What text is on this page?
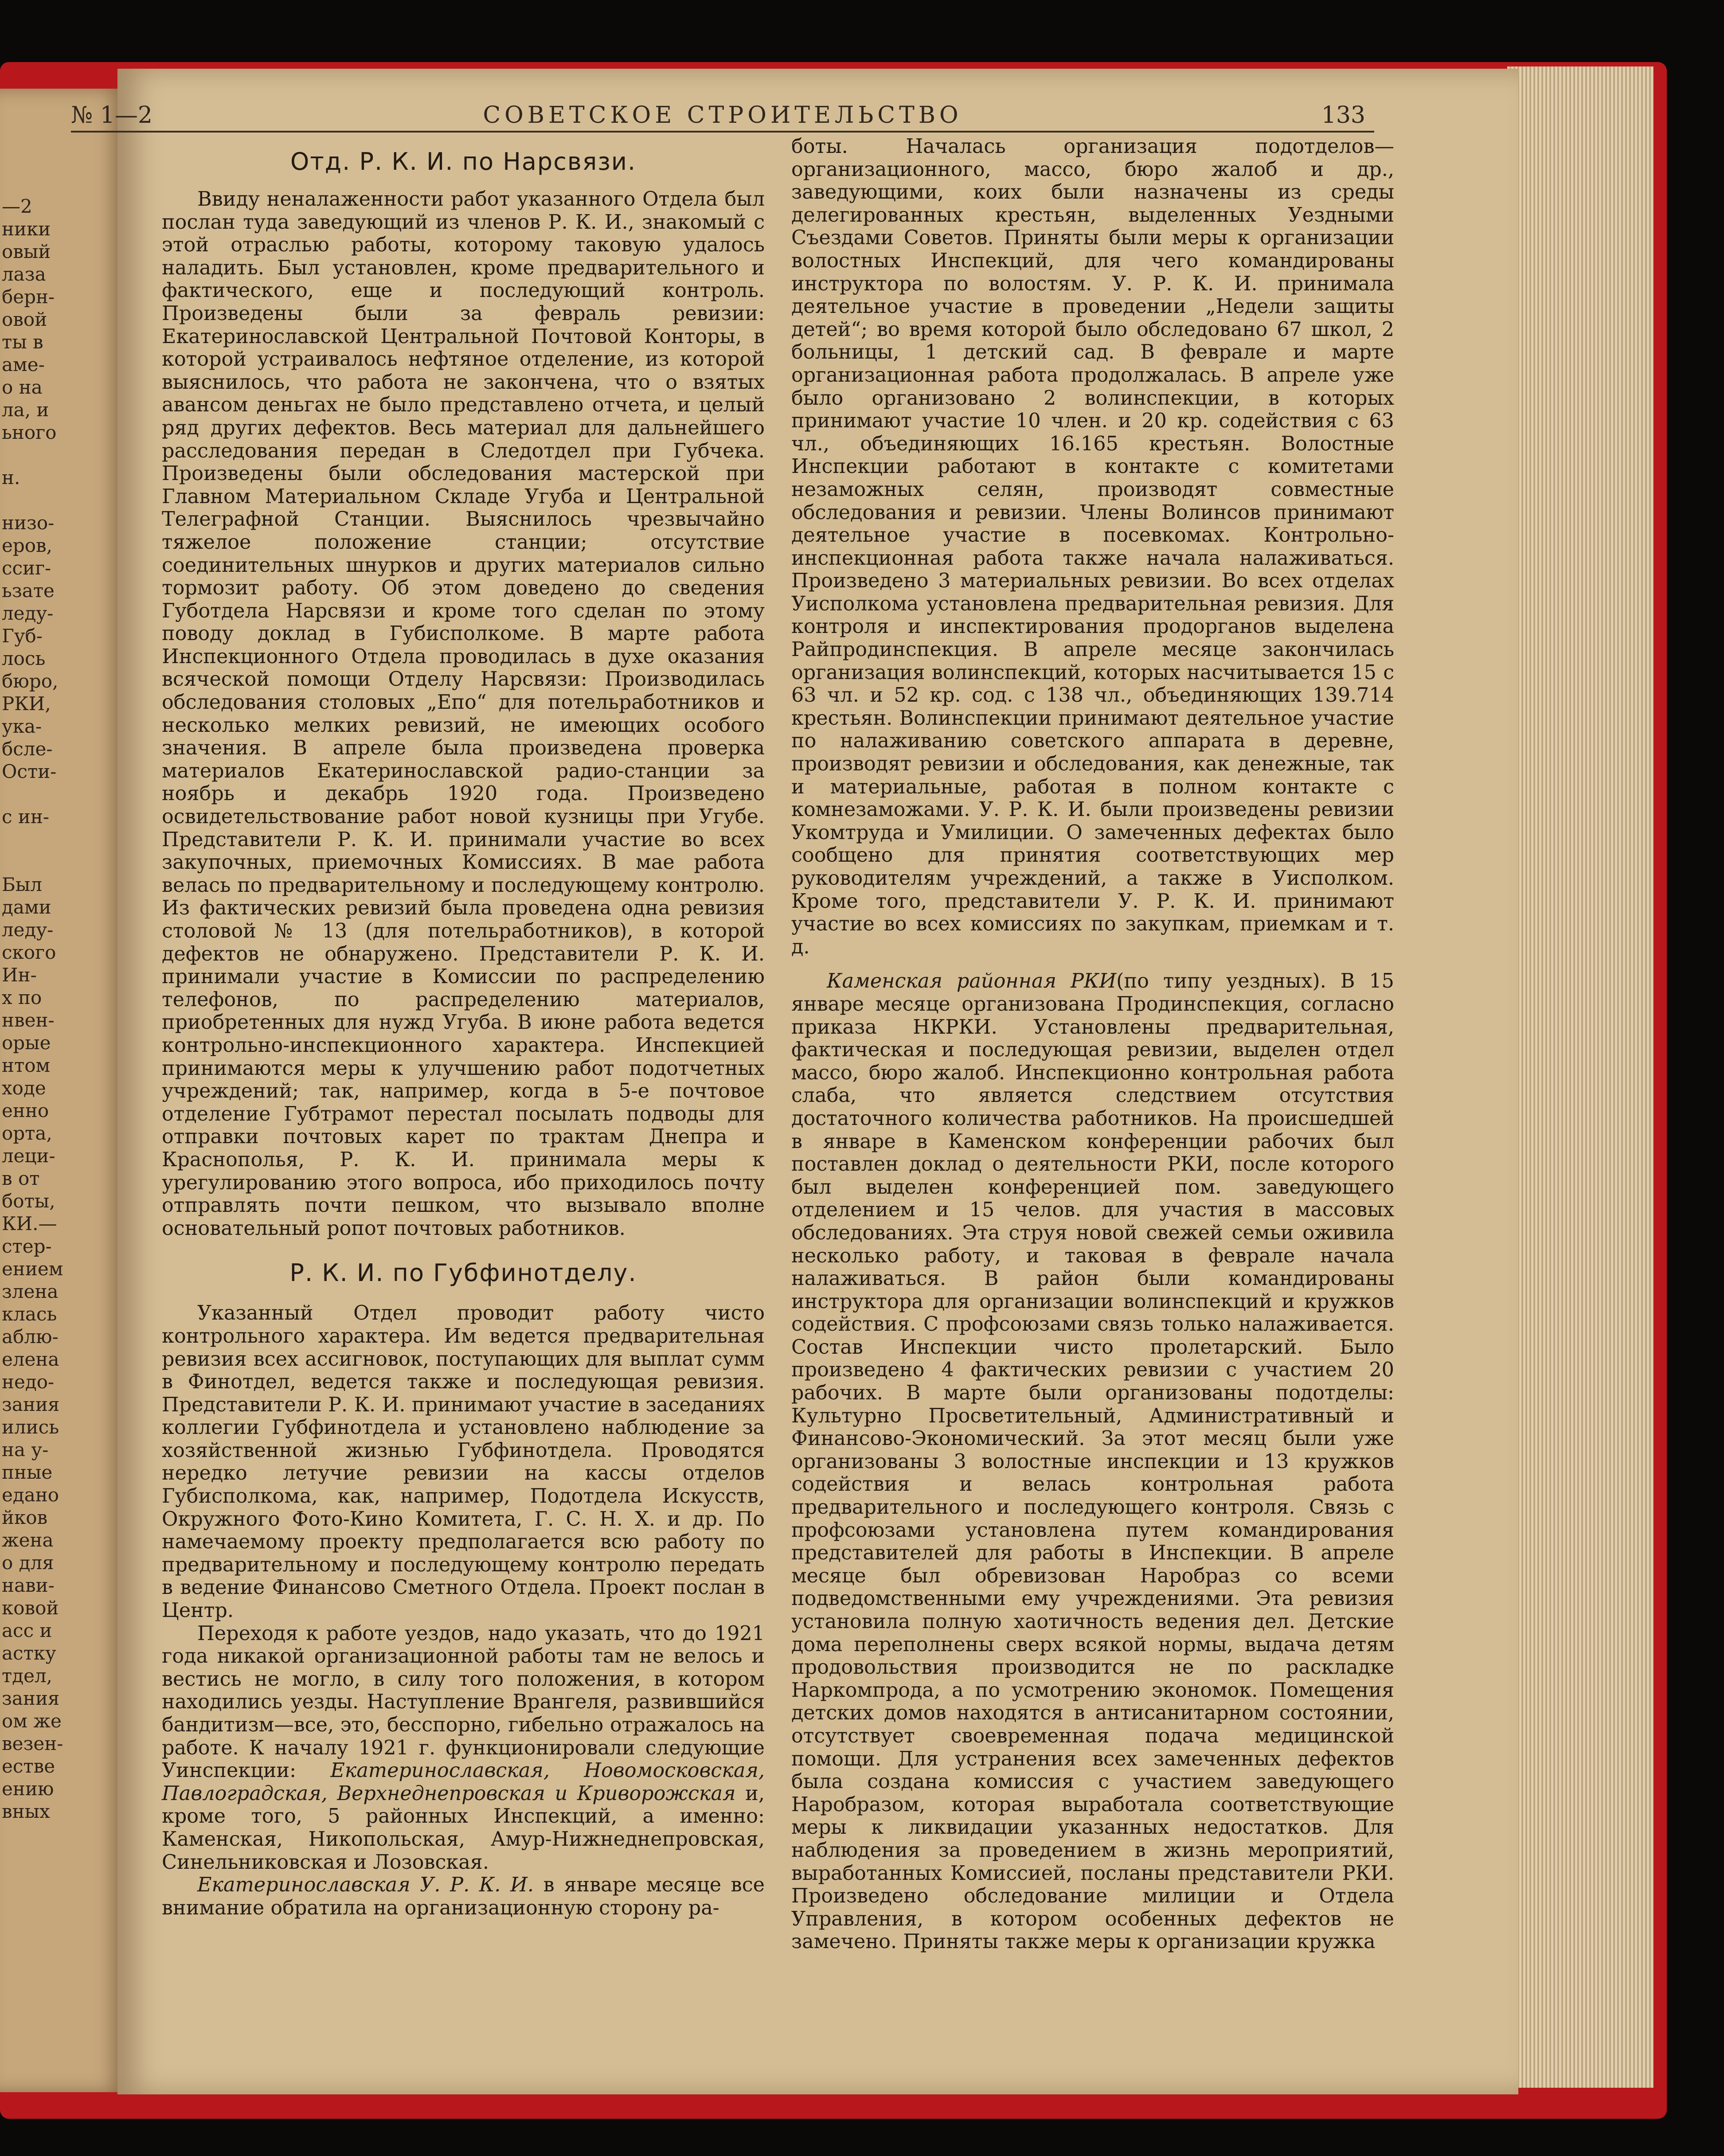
—2
ники
овый
лаза
берн-
овой
ты в
аме-
о на
ла, и
ьного
н.
низо-
еров,
ссиг-
ьзате
леду-
Губ-
лось
бюро,
РКИ,
ука-
бсле-
Ости-
с ин-
Был
дами
леду-
ского
Ин-
х по
нвен-
орые
нтом
ходе
енно
орта,
леци-
в от
боты,
КИ.—
стер-
ением
злена
клась
аблю-
елена
недо-
зания
ились
на у-
пные
едано
йков
жена
о для
нави-
ковой
асс и
астку
тдел,
зания
ом же
везен-
естве
ению
вных
№ 1—2	СОВЕТСКОЕ СТРОИТЕЛЬСТВО	133
Отд. Р. К. И. по Нарсвязи.

Ввиду неналаженности работ указанного Отдела был послан туда заведующий из членов Р. К. И., знакомый с этой отраслью работы, которому таковую удалось наладить. Был установлен, кроме предварительного и фактического, еще и последующий контроль. Произведены были за февраль ревизии: Екатеринославской Центральной Почтовой Конторы, в которой устраивалось нефтяное отделение, из которой выяснилось, что работа не закончена, что о взятых авансом деньгах не было представлено отчета, и целый ряд других дефектов. Весь материал для дальнейшего расследования передан в Следотдел при Губчека. Произведены были обследования мастерской при Главном Материальном Складе Угуба и Центральной Телеграфной Станции. Выяснилось чрезвычайно тяжелое положение станции; отсутствие соединительных шнурков и других материалов сильно тормозит работу. Об этом доведено до сведения Губотдела Нарсвязи и кроме того сделан по этому поводу доклад в Губисполкоме. В марте работа Инспекционного Отдела проводилась в духе оказания всяческой помощи Отделу Нарсвязи: Производилась обследования столовых „Епо“ для потельработников и несколько мелких ревизий, не имеющих особого значения. В апреле была произведена проверка материалов Екатеринославской радио-станции за ноябрь и декабрь 1920 года. Произведено освидетельствование работ новой кузницы при Угубе. Представители Р. К. И. принимали участие во всех закупочных, приемочных Комиссиях. В мае работа велась по предварительному и последующему контролю. Из фактических ревизий была проведена одна ревизия столовой № 13 (для потельработников), в которой дефектов не обнаружено. Представители Р. К. И. принимали участие в Комиссии по распределению телефонов, по распределению материалов, приобретенных для нужд Угуба. В июне работа ведется контрольно-инспекционного характера. Инспекцией принимаются меры к улучшению работ подотчетных учреждений; так, например, когда в 5-е почтовое отделение Губтрамот перестал посылать подводы для отправки почтовых карет по трактам Днепра и Краснополья, Р. К. И. принимала меры к урегулированию этого вопроса, ибо приходилось почту отправлять почти пешком, что вызывало вполне основательный ропот почтовых работников.

Р. К. И. по Губфинотделу.

Указанный Отдел проводит работу чисто контрольного характера. Им ведется предварительная ревизия всех ассигновок, поступающих для выплат сумм в Финотдел, ведется также и последующая ревизия. Представители Р. К. И. принимают участие в заседаниях коллегии Губфинотдела и установлено наблюдение за хозяйственной жизнью Губфинотдела. Проводятся нередко летучие ревизии на кассы отделов Губисполкома, как, например, Подотдела Искусств, Окружного Фото-Кино Комитета, Г. С. Н. Х. и др. По намечаемому проекту предполагается всю работу по предварительному и последующему контролю передать в ведение Финансово Сметного Отдела. Проект послан в Центр.

Переходя к работе уездов, надо указать, что до 1921 года никакой организационной работы там не велось и вестись не могло, в силу того положения, в котором находились уезды. Наступление Врангеля, развившийся бандитизм—все, это, бесспорно, гибельно отражалось на работе. К началу 1921 г. функционировали следующие Уинспекции: Екатеринославская, Новомосковская, Павлоградская, Верхнеднепровская и Криворожская и, кроме того, 5 районных Инспекций, а именно: Каменская, Никопольская, Амур-Нижнеднепровская, Синельниковская и Лозовская.

Екатеринославская У. Р. К. И. в январе месяце все внимание обратила на организационную сторону ра-

боты. Началась организация подотделов—организационного, массо, бюро жалоб и др., заведующими, коих были назначены из среды делегированных крестьян, выделенных Уездными Съездами Советов. Приняты были меры к организации волостных Инспекций, для чего командированы инструктора по волостям. У. Р. К. И. принимала деятельное участие в проведении „Недели защиты детей“; во время которой было обследовано 67 школ, 2 больницы, 1 детский сад. В феврале и марте организационная работа продолжалась. В апреле уже было организовано 2 волинспекции, в которых принимают участие 10 член. и 20 кр. содействия с 63 чл., объединяющих 16.165 крестьян. Волостные Инспекции работают в контакте с комитетами незаможных селян, производят совместные обследования и ревизии. Члены Волинсов принимают деятельное участие в посевкомах. Контрольно-инспекционная работа также начала налаживаться. Произведено 3 материальных ревизии. Во всех отделах Уисполкома установлена предварительная ревизия. Для контроля и инспектирования продорганов выделена Райпродинспекция. В апреле месяце закончилась организация волинспекций, которых насчитывается 15 с 63 чл. и 52 кр. сод. с 138 чл., объединяющих 139.714 крестьян. Волинспекции принимают деятельное участие по налаживанию советского аппарата в деревне, производят ревизии и обследования, как денежные, так и материальные, работая в полном контакте с комнезаможами. У. Р. К. И. были произведены ревизии Укомтруда и Умилиции. О замеченных дефектах было сообщено для принятия соответствующих мер руководителям учреждений, а также в Уисполком. Кроме того, представители У. Р. К. И. принимают участие во всех комиссиях по закупкам, приемкам и т. д.

Каменская районная РКИ(по типу уездных). В 15 январе месяце организована Продинспекция, согласно приказа НКРКИ. Установлены предварительная, фактическая и последующая ревизии, выделен отдел массо, бюро жалоб. Инспекционно контрольная работа слаба, что является следствием отсутствия достаточного количества работников. На происшедшей в январе в Каменском конференции рабочих был поставлен доклад о деятельности РКИ, после которого был выделен конференцией пом. заведующего отделением и 15 челов. для участия в массовых обследованиях. Эта струя новой свежей семьи оживила несколько работу, и таковая в феврале начала налаживаться. В район были командированы инструктора для организации волинспекций и кружков содействия. С профсоюзами связь только налаживается. Состав Инспекции чисто пролетарский. Было произведено 4 фактических ревизии с участием 20 рабочих. В марте были организованы подотделы: Культурно Просветительный, Административный и Финансово-Экономический. За этот месяц были уже организованы 3 волостные инспекции и 13 кружков содействия и велась контрольная работа предварительного и последующего контроля. Связь с профсоюзами установлена путем командирования представителей для работы в Инспекции. В апреле месяце был обревизован Наробраз со всеми подведомственными ему учреждениями. Эта ревизия установила полную хаотичность ведения дел. Детские дома переполнены сверх всякой нормы, выдача детям продовольствия производится не по раскладке Наркомпрода, а по усмотрению экономок. Помещения детских домов находятся в антисанитарном состоянии, отсутствует своевременная подача медицинской помощи. Для устранения всех замеченных дефектов была создана комиссия с участием заведующего Наробразом, которая выработала соответствующие меры к ликвидации указанных недостатков. Для наблюдения за проведением в жизнь мероприятий, выработанных Комиссией, посланы представители РКИ. Произведено обследование милиции и Отдела Управления, в котором особенных дефектов не замечено. Приняты также меры к организации кружка
